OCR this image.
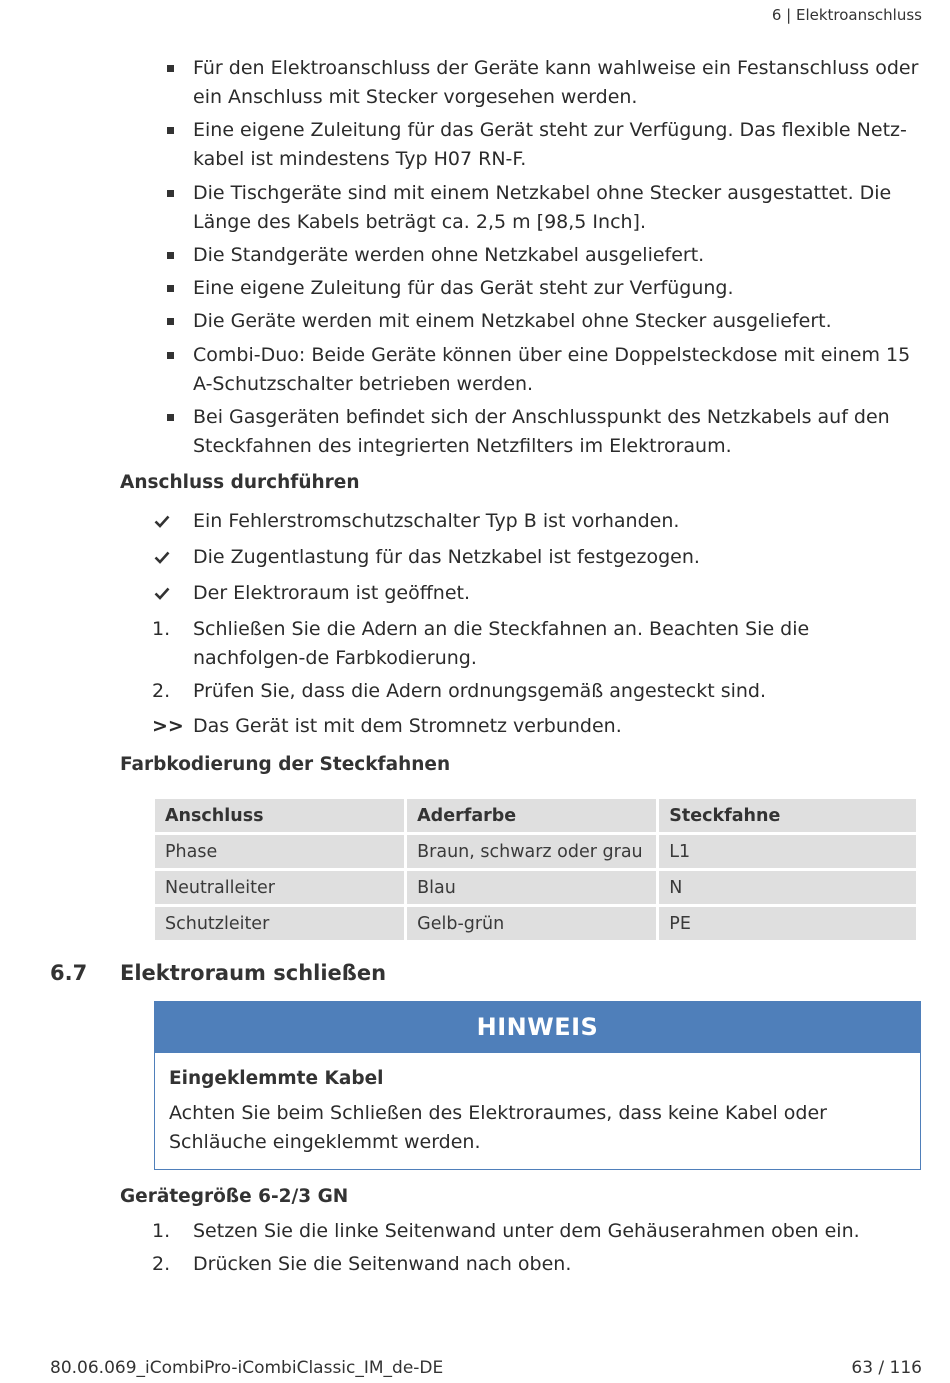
6 | Elektroanschluss
Für den Elektroanschluss der Geräte kann wahlweise ein Festanschluss oder ein Anschluss mit Stecker vorgesehen werden.
Eine eigene Zuleitung für das Gerät steht zur Verfügung. Das flexible Netz-kabel ist mindestens Typ H07 RN-F.
Die Tischgeräte sind mit einem Netzkabel ohne Stecker ausgestattet. Die Länge des Kabels beträgt ca. 2,5 m [98,5 Inch].
Die Standgeräte werden ohne Netzkabel ausgeliefert.
Eine eigene Zuleitung für das Gerät steht zur Verfügung.
Die Geräte werden mit einem Netzkabel ohne Stecker ausgeliefert.
Combi-Duo: Beide Geräte können über eine Doppelsteckdose mit einem 15 A-Schutzschalter betrieben werden.
Bei Gasgeräten befindet sich der Anschlusspunkt des Netzkabels auf den Steckfahnen des integrierten Netzfilters im Elektroraum.
Anschluss durchführen
Ein Fehlerstromschutzschalter Typ B ist vorhanden.
Die Zugentlastung für das Netzkabel ist festgezogen.
Der Elektroraum ist geöffnet.
1.	Schließen Sie die Adern an die Steckfahnen an. Beachten Sie die nachfolgen-de Farbkodierung.
2.	Prüfen Sie, dass die Adern ordnungsgemäß angesteckt sind.
>> Das Gerät ist mit dem Stromnetz verbunden.
Farbkodierung der Steckfahnen
Anschluss	Aderfarbe	Steckfahne
Phase	Braun, schwarz oder grau	L1
Neutralleiter	Blau	N
Schutzleiter	Gelb-grün	PE
6.7 Elektroraum schließen
HINWEIS
Eingeklemmte Kabel
Achten Sie beim Schließen des Elektroraumes, dass keine Kabel oder Schläuche eingeklemmt werden.
Gerätegröße 6-2/3 GN
1.	Setzen Sie die linke Seitenwand unter dem Gehäuserahmen oben ein.
2.	Drücken Sie die Seitenwand nach oben.
80.06.069_iCombiPro-iCombiClassic_IM_de-DE	63 / 116
